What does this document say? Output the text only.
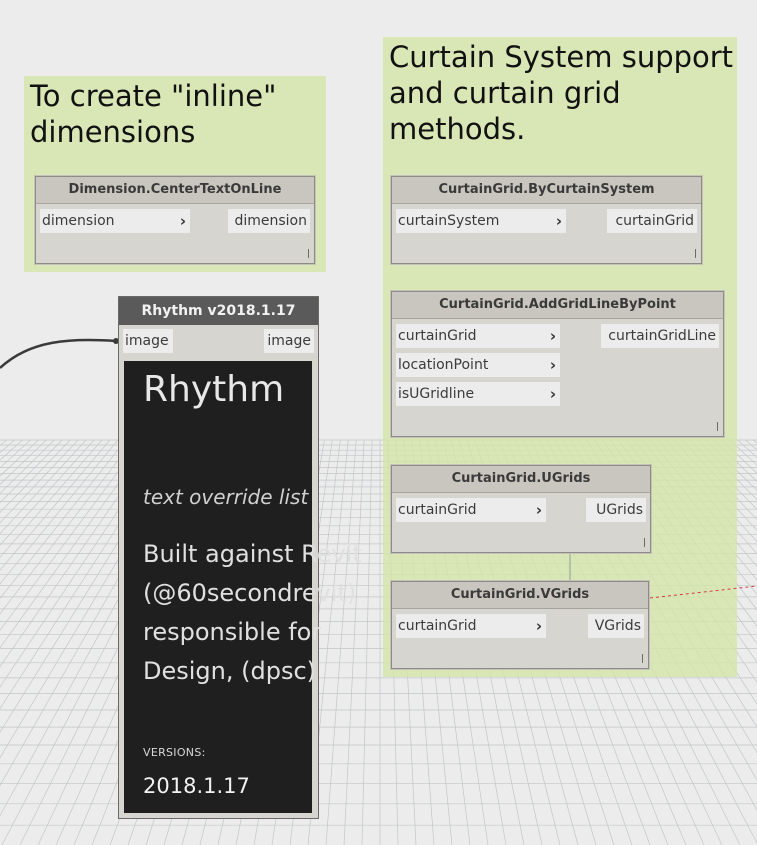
To create "inline"
dimensions

Curtain System support
and curtain grid
methods.

Dimension.CenterTextOnLine
dimension	›	dimension
CurtainGrid.ByCurtainSystem
curtainSystem	›	curtainGrid
CurtainGrid.AddGridLineByPoint
curtainGrid	›
locationPoint	›
isUGridline	›
curtainGridLine
CurtainGrid.UGrids
curtainGrid	›	UGrids
CurtainGrid.VGrids
curtainGrid	›	VGrids
Rhythm v2018.1.17
image	image
Rhythm
text override list
Built against Revit
(@60secondrevit)
responsible for
Design, (dpsc)
VERSIONS:
2018.1.17
